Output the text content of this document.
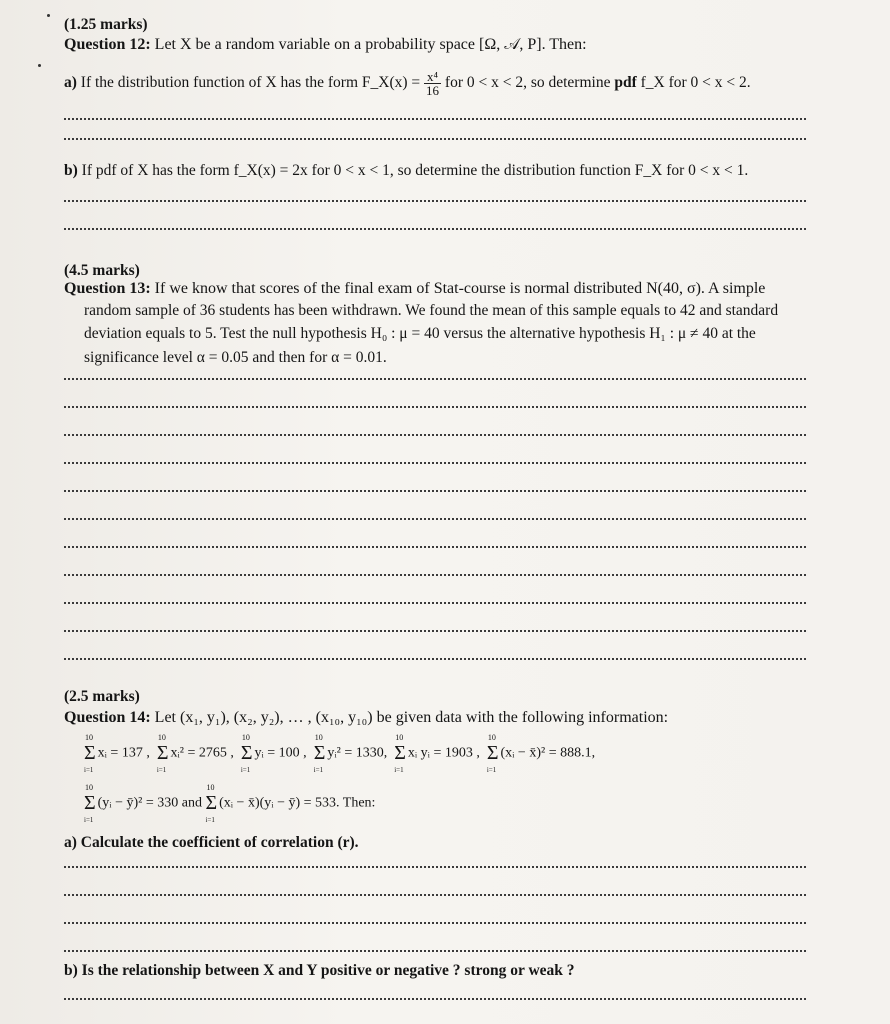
(1.25 marks)
Question 12: Let X be a random variable on a probability space [Ω, 𝒜, P]. Then:
a) If the distribution function of X has the form F_X(x) = $\frac{\text{x⁴}}{16}$ for 0 < x < 2, so determine pdf f_X for 0 < x < 2.
b) If pdf of X has the form f_X(x) = 2x for 0 < x < 1, so determine the distribution function F_X for 0 < x < 1.
(4.5 marks)
Question 13: If we know that scores of the final exam of Stat-course is normal distributed N(40, σ). A simple
random sample of 36 students has been withdrawn. We found the mean of this sample equals to 42 and standard
deviation equals to 5. Test the null hypothesis H₀ : μ = 40 versus the alternative hypothesis H₁ : μ ≠ 40 at the
significance level α = 0.05 and then for α = 0.01.
(2.5 marks)
Question 14: Let (x₁, y₁), (x₂, y₂), … , (x₁₀, y₁₀) be given data with the following information:
Σ
10
i=1
xᵢ = 137 , Σ
10
i=1
xᵢ² = 2765 , Σ
10
i=1
yᵢ = 100 , Σ
10
i=1
yᵢ² = 1330, Σ
10
i=1
xᵢ yᵢ = 1903 , Σ
10
i=1
(xᵢ − x̄)² = 888.1,
Σ
10
i=1
(yᵢ − ȳ)² = 330 and Σ
10
i=1
(xᵢ − x̄)(yᵢ − ȳ) = 533. Then:
a) Calculate the coefficient of correlation (r).
b) Is the relationship between X and Y positive or negative ? strong or weak ?
